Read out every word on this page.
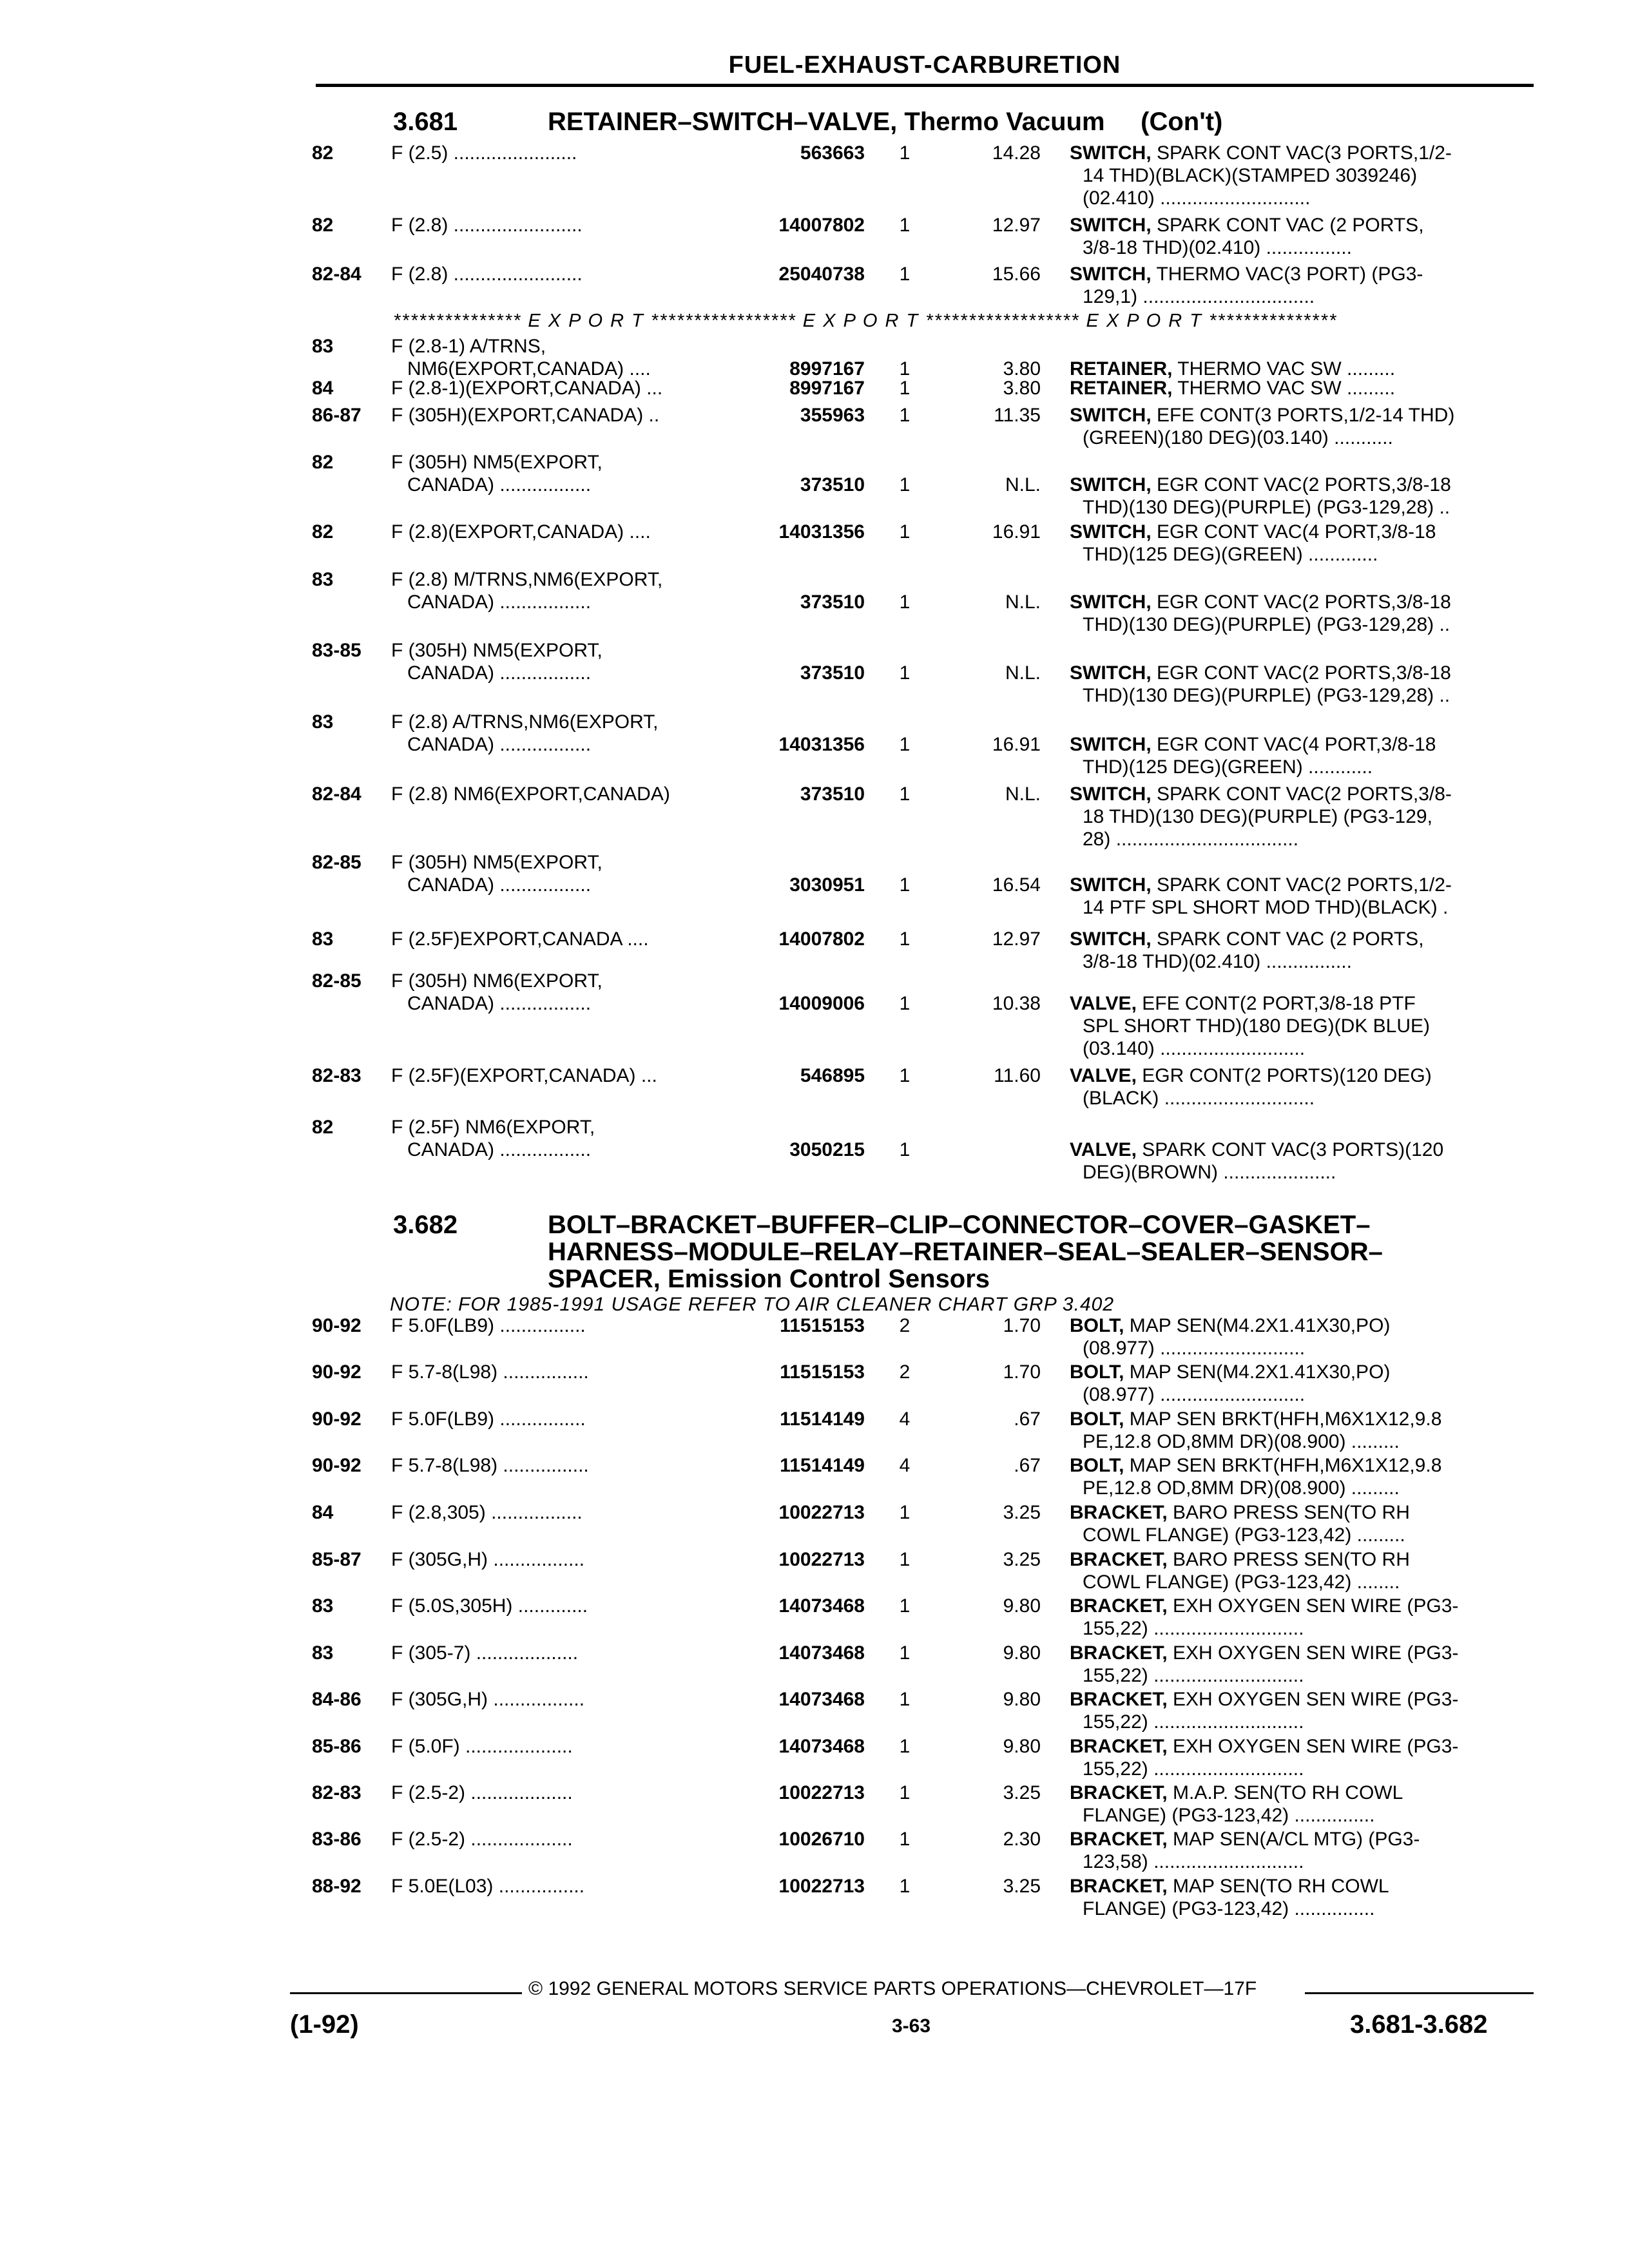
FUEL-EXHAUST-CARBURETION
3.681	RETAINER–SWITCH–VALVE, Thermo Vacuum     (Con't)
82	F (2.5) .......................	563663	1	14.28 SWITCH, SPARK CONT VAC(3 PORTS,1/2-
14 THD)(BLACK)(STAMPED 3039246)
(02.410) ............................
82	F (2.8) ........................	14007802	1	12.97 SWITCH, SPARK CONT VAC (2 PORTS,
3/8-18 THD)(02.410) ................
82-84 F (2.8) ........................	25040738	1	15.66 SWITCH, THERMO VAC(3 PORT) (PG3-
129,1) ................................
83	F (2.8-1) A/TRNS,
NM6(EXPORT,CANADA) ....	8997167	1	3.80 RETAINER, THERMO VAC SW .........
84	F (2.8-1)(EXPORT,CANADA) ...	8997167	1	3.80 RETAINER, THERMO VAC SW .........
86-87 F (305H)(EXPORT,CANADA) ..	355963	1	11.35 SWITCH, EFE CONT(3 PORTS,1/2-14 THD)
(GREEN)(180 DEG)(03.140) ...........
82	F (305H) NM5(EXPORT,
CANADA) .................	373510	1	N.L. SWITCH, EGR CONT VAC(2 PORTS,3/8-18
THD)(130 DEG)(PURPLE) (PG3-129,28) ..
82	F (2.8)(EXPORT,CANADA) ....	14031356	1	16.91 SWITCH, EGR CONT VAC(4 PORT,3/8-18
THD)(125 DEG)(GREEN) .............
83	F (2.8) M/TRNS,NM6(EXPORT,
CANADA) .................	373510	1	N.L. SWITCH, EGR CONT VAC(2 PORTS,3/8-18
THD)(130 DEG)(PURPLE) (PG3-129,28) ..
83-85 F (305H) NM5(EXPORT,
CANADA) .................	373510	1	N.L. SWITCH, EGR CONT VAC(2 PORTS,3/8-18
THD)(130 DEG)(PURPLE) (PG3-129,28) ..
83	F (2.8) A/TRNS,NM6(EXPORT,
CANADA) .................	14031356	1	16.91 SWITCH, EGR CONT VAC(4 PORT,3/8-18
THD)(125 DEG)(GREEN) ............
82-84 F (2.8) NM6(EXPORT,CANADA)	373510	1	N.L. SWITCH, SPARK CONT VAC(2 PORTS,3/8-
18 THD)(130 DEG)(PURPLE) (PG3-129,
28) ..................................
82-85 F (305H) NM5(EXPORT,
CANADA) .................	3030951	1	16.54 SWITCH, SPARK CONT VAC(2 PORTS,1/2-
14 PTF SPL SHORT MOD THD)(BLACK) .
83	F (2.5F)EXPORT,CANADA ....	14007802	1	12.97 SWITCH, SPARK CONT VAC (2 PORTS,
3/8-18 THD)(02.410) ................
82-85 F (305H) NM6(EXPORT,
CANADA) .................	14009006	1	10.38 VALVE, EFE CONT(2 PORT,3/8-18 PTF
SPL SHORT THD)(180 DEG)(DK BLUE)
(03.140) ...........................
82-83 F (2.5F)(EXPORT,CANADA) ...	546895	1	11.60 VALVE, EGR CONT(2 PORTS)(120 DEG)
(BLACK) ............................
82	F (2.5F) NM6(EXPORT,
CANADA) .................	3050215	1	VALVE, SPARK CONT VAC(3 PORTS)(120
DEG)(BROWN) .....................
*************** E X P O R T ***************** E X P O R T ****************** E X P O R T ***************
3.682	BOLT–BRACKET–BUFFER–CLIP–CONNECTOR–COVER–GASKET–HARNESS–MODULE–RELAY–RETAINER–SEAL–SEALER–SENSOR–SPACER, Emission Control Sensors
NOTE: FOR 1985-1991 USAGE REFER TO AIR CLEANER CHART GRP 3.402
90-92 F 5.0F(LB9) ................	11515153	2	1.70 BOLT, MAP SEN(M4.2X1.41X30,PO)
(08.977) ...........................
90-92 F 5.7-8(L98) ................	11515153	2	1.70 BOLT, MAP SEN(M4.2X1.41X30,PO)
(08.977) ...........................
90-92 F 5.0F(LB9) ................	11514149	4	.67 BOLT, MAP SEN BRKT(HFH,M6X1X12,9.8
PE,12.8 OD,8MM DR)(08.900) .........
90-92 F 5.7-8(L98) ................	11514149	4	.67 BOLT, MAP SEN BRKT(HFH,M6X1X12,9.8
PE,12.8 OD,8MM DR)(08.900) .........
84	F (2.8,305) .................	10022713	1	3.25 BRACKET, BARO PRESS SEN(TO RH
COWL FLANGE) (PG3-123,42) .........
85-87 F (305G,H) .................	10022713	1	3.25 BRACKET, BARO PRESS SEN(TO RH
COWL FLANGE) (PG3-123,42) ........
83	F (5.0S,305H) .............	14073468	1	9.80 BRACKET, EXH OXYGEN SEN WIRE (PG3-
155,22) ............................
83	F (305-7) ...................	14073468	1	9.80 BRACKET, EXH OXYGEN SEN WIRE (PG3-
155,22) ............................
84-86 F (305G,H) .................	14073468	1	9.80 BRACKET, EXH OXYGEN SEN WIRE (PG3-
155,22) ............................
85-86 F (5.0F) ....................	14073468	1	9.80 BRACKET, EXH OXYGEN SEN WIRE (PG3-
155,22) ............................
82-83 F (2.5-2) ...................	10022713	1	3.25 BRACKET, M.A.P. SEN(TO RH COWL
FLANGE) (PG3-123,42) ...............
83-86 F (2.5-2) ...................	10026710	1	2.30 BRACKET, MAP SEN(A/CL MTG) (PG3-
123,58) ............................
88-92 F 5.0E(L03) ................	10022713	1	3.25 BRACKET, MAP SEN(TO RH COWL
FLANGE) (PG3-123,42) ...............
© 1992 GENERAL MOTORS SERVICE PARTS OPERATIONS—CHEVROLET—17F
(1-92)	3-63	3.681-3.682
